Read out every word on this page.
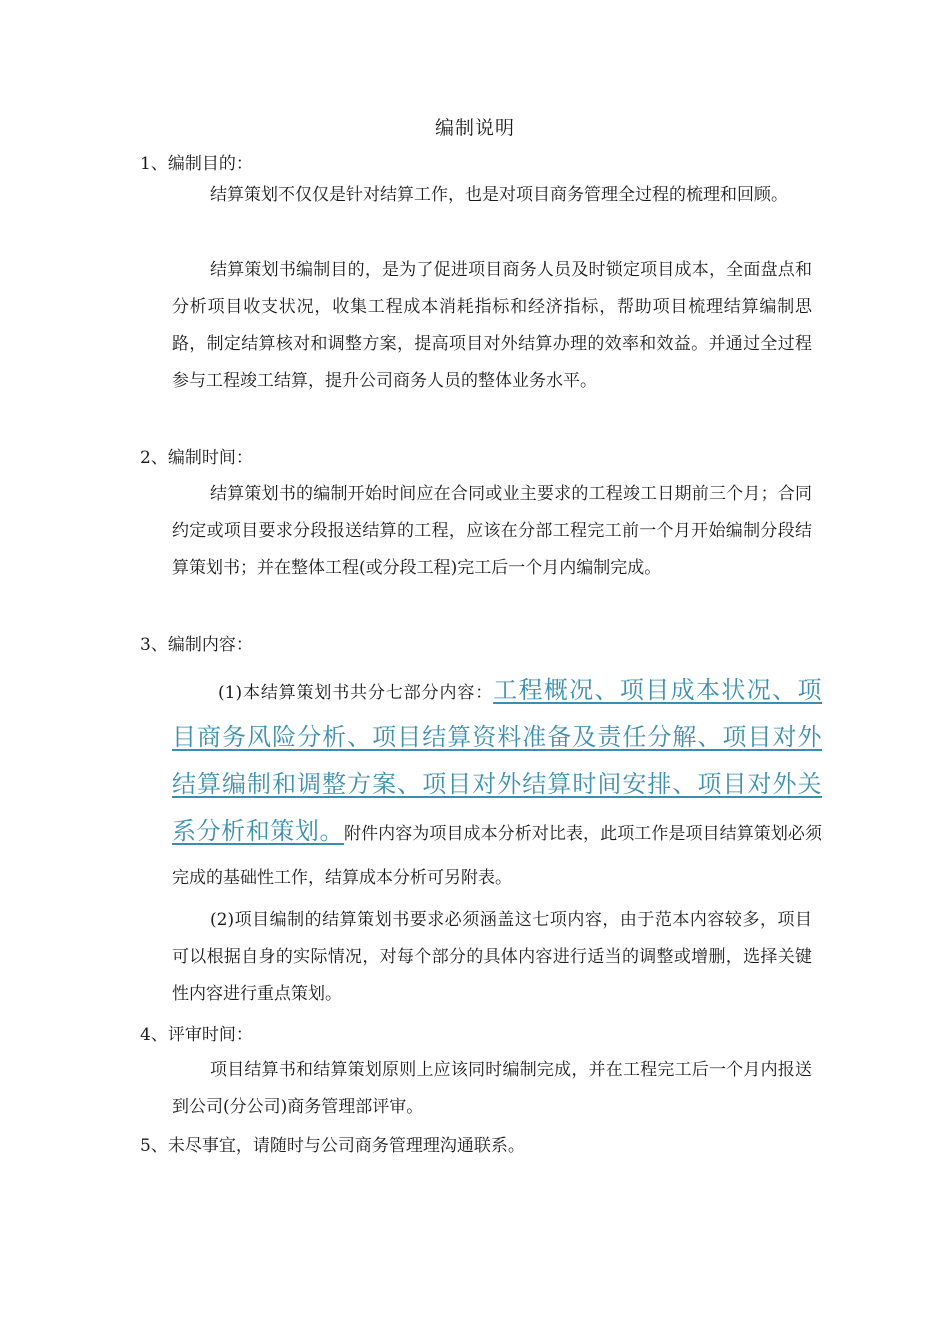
编制说明
1、编制目的：

结算策划不仅仅是针对结算工作，也是对项目商务管理全过程的梳理和回顾。

结算策划书编制目的，是为了促进项目商务人员及时锁定项目成本，全面盘点和分析项目收支状况，收集工程成本消耗指标和经济指标，帮助项目梳理结算编制思路，制定结算核对和调整方案，提高项目对外结算办理的效率和效益。并通过全过程参与工程竣工结算，提升公司商务人员的整体业务水平。

2、编制时间：

结算策划书的编制开始时间应在合同或业主要求的工程竣工日期前三个月；合同约定或项目要求分段报送结算的工程，应该在分部工程完工前一个月开始编制分段结算策划书；并在整体工程(或分段工程)完工后一个月内编制完成。

3、编制内容：

(1)本结算策划书共分七部分内容：工程概况、项目成本状况、项目商务风险分析、项目结算资料准备及责任分解、项目对外结算编制和调整方案、项目对外结算时间安排、项目对外关系分析和策划。附件内容为项目成本分析对比表，此项工作是项目结算策划必须完成的基础性工作，结算成本分析可另附表。

(2)项目编制的结算策划书要求必须涵盖这七项内容，由于范本内容较多，项目可以根据自身的实际情况，对每个部分的具体内容进行适当的调整或增删，选择关键性内容进行重点策划。

4、评审时间：

项目结算书和结算策划原则上应该同时编制完成，并在工程完工后一个月内报送到公司(分公司)商务管理部评审。

5、未尽事宜，请随时与公司商务管理理沟通联系。
